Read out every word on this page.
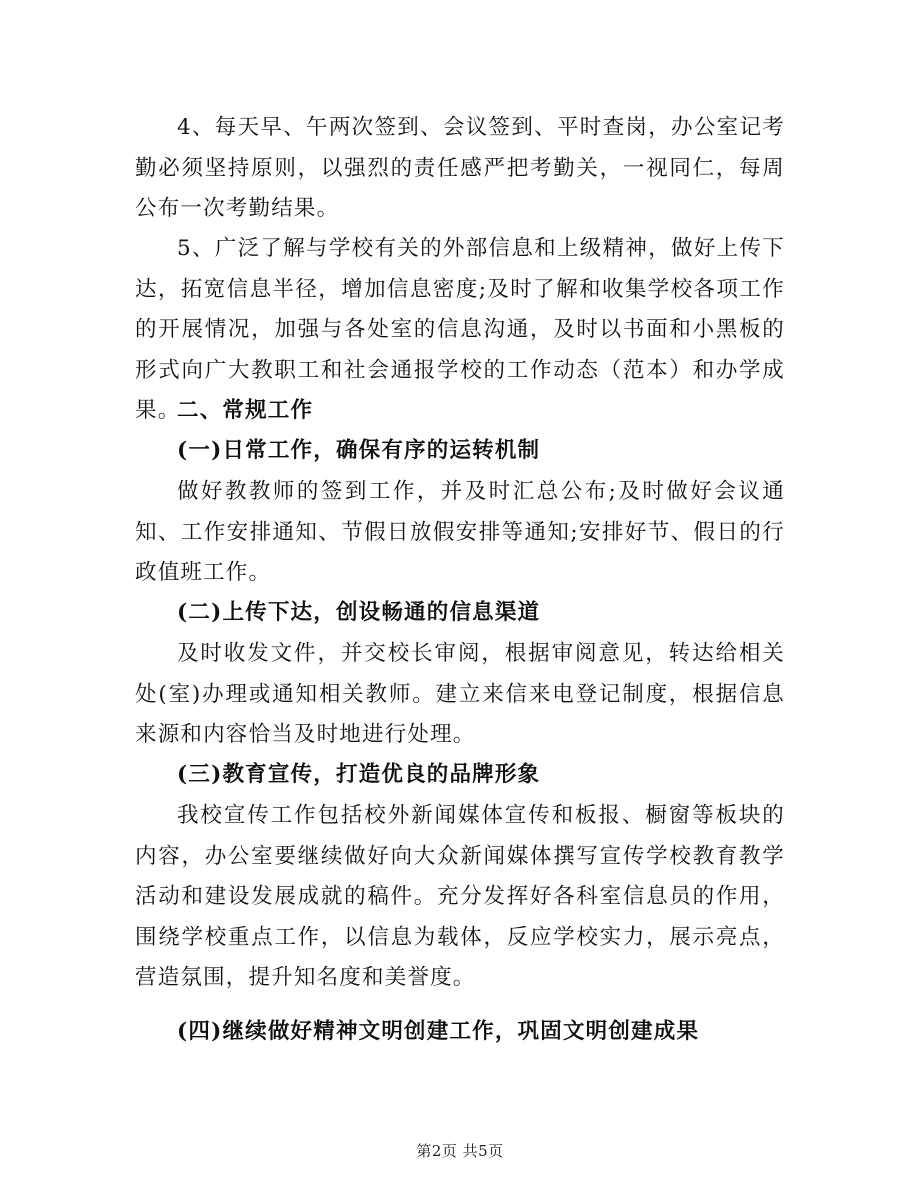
4、每天早、午两次签到、会议签到、平时查岗，办公室记考勤必须坚持原则，以强烈的责任感严把考勤关，一视同仁，每周公布一次考勤结果。

5、广泛了解与学校有关的外部信息和上级精神，做好上传下达，拓宽信息半径，增加信息密度;及时了解和收集学校各项工作的开展情况，加强与各处室的信息沟通，及时以书面和小黑板的形式向广大教职工和社会通报学校的工作动态（范本）和办学成果。

二、常规工作

(一)日常工作，确保有序的运转机制

做好教教师的签到工作，并及时汇总公布;及时做好会议通知、工作安排通知、节假日放假安排等通知;安排好节、假日的行政值班工作。

(二)上传下达，创设畅通的信息渠道

及时收发文件，并交校长审阅，根据审阅意见，转达给相关处(室)办理或通知相关教师。建立来信来电登记制度，根据信息来源和内容恰当及时地进行处理。

(三)教育宣传，打造优良的品牌形象

我校宣传工作包括校外新闻媒体宣传和板报、橱窗等板块的内容，办公室要继续做好向大众新闻媒体撰写宣传学校教育教学活动和建设发展成就的稿件。充分发挥好各科室信息员的作用，围绕学校重点工作，以信息为载体，反应学校实力，展示亮点，营造氛围，提升知名度和美誉度。

(四)继续做好精神文明创建工作，巩固文明创建成果

第2页 共5页
